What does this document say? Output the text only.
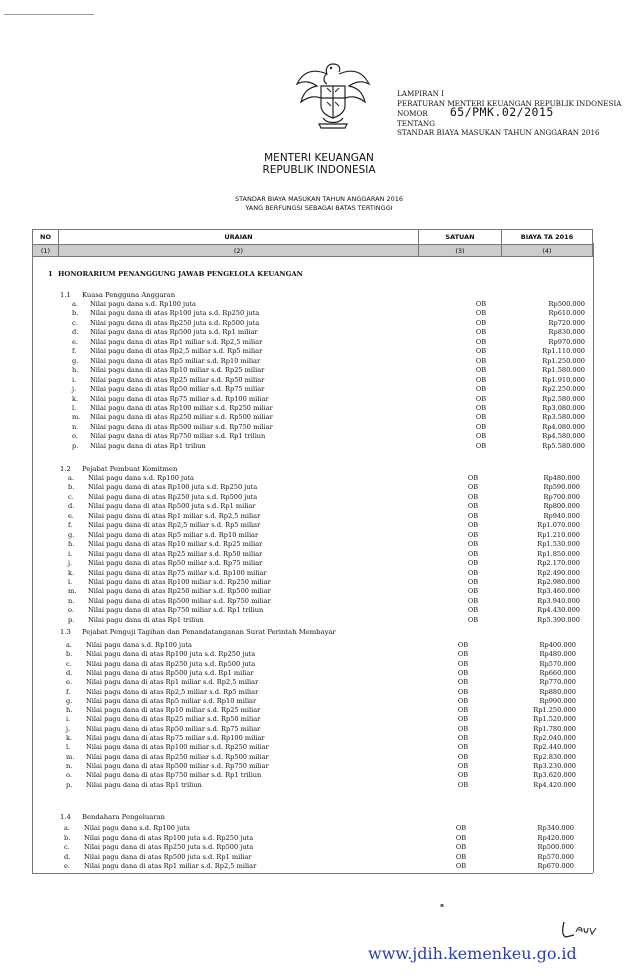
LAMPIRAN I
PERATURAN MENTERI KEUANGAN REPUBLIK INDONESIA
NOMOR 65/PMK.02/2015
TENTANG
STANDAR BIAYA MASUKAN TAHUN ANGGARAN 2016
MENTERI KEUANGAN
REPUBLIK INDONESIA
STANDAR BIAYA MASUKAN TAHUN ANGGARAN 2016
YANG BERFUNGSI SEBAGAI BATAS TERTINGGI
NO	URAIAN	SATUAN	BIAYA TA 2016
(1)	(2)	(3)	(4)
1 HONORARIUM PENANGGUNG JAWAB PENGELOLA KEUANGAN
1.1 Kuasa Pengguna Anggaran
a. Nilai pagu dana s.d. Rp100 juta	OB	Rp500.000
b. Nilai pagu dana di atas Rp100 juta s.d. Rp250 juta	OB	Rp610.000
c. Nilai pagu dana di atas Rp250 juta s.d. Rp500 juta	OB	Rp720.000
d. Nilai pagu dana di atas Rp500 juta s.d. Rp1 miliar	OB	Rp830.000
e. Nilai pagu dana di atas Rp1 miliar s.d. Rp2,5 miliar	OB	Rp970.000
f. Nilai pagu dana di atas Rp2,5 miliar s.d. Rp5 miliar	OB	Rp1.110.000
g. Nilai pagu dana di atas Rp5 miliar s.d. Rp10 miliar	OB	Rp1.250.000
h. Nilai pagu dana di atas Rp10 miliar s.d. Rp25 miliar	OB	Rp1.580.000
i. Nilai pagu dana di atas Rp25 miliar s.d. Rp50 miliar	OB	Rp1.910.000
j. Nilai pagu dana di atas Rp50 miliar s.d. Rp75 miliar	OB	Rp2.250.000
k. Nilai pagu dana di atas Rp75 miliar s.d. Rp100 miliar	OB	Rp2.580.000
l. Nilai pagu dana di atas Rp100 miliar s.d. Rp250 miliar	OB	Rp3.080.000
m. Nilai pagu dana di atas Rp250 miliar s.d. Rp500 miliar	OB	Rp3.580.000
n. Nilai pagu dana di atas Rp500 miliar s.d. Rp750 miliar	OB	Rp4.080.000
o. Nilai pagu dana di atas Rp750 miliar s.d. Rp1 triliun	OB	Rp4.580.000
p. Nilai pagu dana di atas Rp1 triliun	OB	Rp5.580.000
1.2 Pejabat Pembuat Komitmen
a. Nilai pagu dana s.d. Rp100 juta	OB	Rp480.000
b. Nilai pagu dana di atas Rp100 juta s.d. Rp250 juta	OB	Rp590.000
c. Nilai pagu dana di atas Rp250 juta s.d. Rp500 juta	OB	Rp700.000
d. Nilai pagu dana di atas Rp500 juta s.d. Rp1 miliar	OB	Rp800.000
e. Nilai pagu dana di atas Rp1 miliar s.d. Rp2,5 miliar	OB	Rp940.000
f. Nilai pagu dana di atas Rp2,5 miliar s.d. Rp5 miliar	OB	Rp1.070.000
g. Nilai pagu dana di atas Rp5 miliar s.d. Rp10 miliar	OB	Rp1.210.000
h. Nilai pagu dana di atas Rp10 miliar s.d. Rp25 miliar	OB	Rp1.530.000
i. Nilai pagu dana di atas Rp25 miliar s.d. Rp50 miliar	OB	Rp1.850.000
j. Nilai pagu dana di atas Rp50 miliar s.d. Rp75 miliar	OB	Rp2.170.000
k. Nilai pagu dana di atas Rp75 miliar s.d. Rp100 miliar	OB	Rp2.490.000
l. Nilai pagu dana di atas Rp100 miliar s.d. Rp250 miliar	OB	Rp2.980.000
m. Nilai pagu dana di atas Rp250 miliar s.d. Rp500 miliar	OB	Rp3.460.000
n. Nilai pagu dana di atas Rp500 miliar s.d. Rp750 miliar	OB	Rp3.940.000
o. Nilai pagu dana di atas Rp750 miliar s.d. Rp1 triliun	OB	Rp4.430.000
p. Nilai pagu dana di atas Rp1 triliun	OB	Rp5.390.000
1.3 Pejabat Penguji Tagihan dan Penandatanganan Surat Perintah Membayar
a. Nilai pagu dana s.d. Rp100 juta	OB	Rp400.000
b. Nilai pagu dana di atas Rp100 juta s.d. Rp250 juta	OB	Rp480.000
c. Nilai pagu dana di atas Rp250 juta s.d. Rp500 juta	OB	Rp570.000
d. Nilai pagu dana di atas Rp500 juta s.d. Rp1 miliar	OB	Rp660.000
e. Nilai pagu dana di atas Rp1 miliar s.d. Rp2,5 miliar	OB	Rp770.000
f. Nilai pagu dana di atas Rp2,5 miliar s.d. Rp5 miliar	OB	Rp880.000
g. Nilai pagu dana di atas Rp5 miliar s.d. Rp10 miliar	OB	Rp990.000
h. Nilai pagu dana di atas Rp10 miliar s.d. Rp25 miliar	OB	Rp1.250.000
i. Nilai pagu dana di atas Rp25 miliar s.d. Rp50 miliar	OB	Rp1.520.000
j. Nilai pagu dana di atas Rp50 miliar s.d. Rp75 miliar	OB	Rp1.780.000
k. Nilai pagu dana di atas Rp75 miliar s.d. Rp100 miliar	OB	Rp2.040.000
l. Nilai pagu dana di atas Rp100 miliar s.d. Rp250 miliar	OB	Rp2.440.000
m. Nilai pagu dana di atas Rp250 miliar s.d. Rp500 miliar	OB	Rp2.830.000
n. Nilai pagu dana di atas Rp500 miliar s.d. Rp750 miliar	OB	Rp3.230.000
o. Nilai pagu dana di atas Rp750 miliar s.d. Rp1 triliun	OB	Rp3.620.000
p. Nilai pagu dana di atas Rp1 triliun	OB	Rp4.420.000
1.4 Bendahara Pengeluaran
a. Nilai pagu dana s.d. Rp100 juta	OB	Rp340.000
b. Nilai pagu dana di atas Rp100 juta s.d. Rp250 juta	OB	Rp420.000
c. Nilai pagu dana di atas Rp250 juta s.d. Rp500 juta	OB	Rp500.000
d. Nilai pagu dana di atas Rp500 juta s.d. Rp1 miliar	OB	Rp570.000
e. Nilai pagu dana di atas Rp1 miliar s.d. Rp2,5 miliar	OB	Rp670.000
▪
www.jdih.kemenkeu.go.id
